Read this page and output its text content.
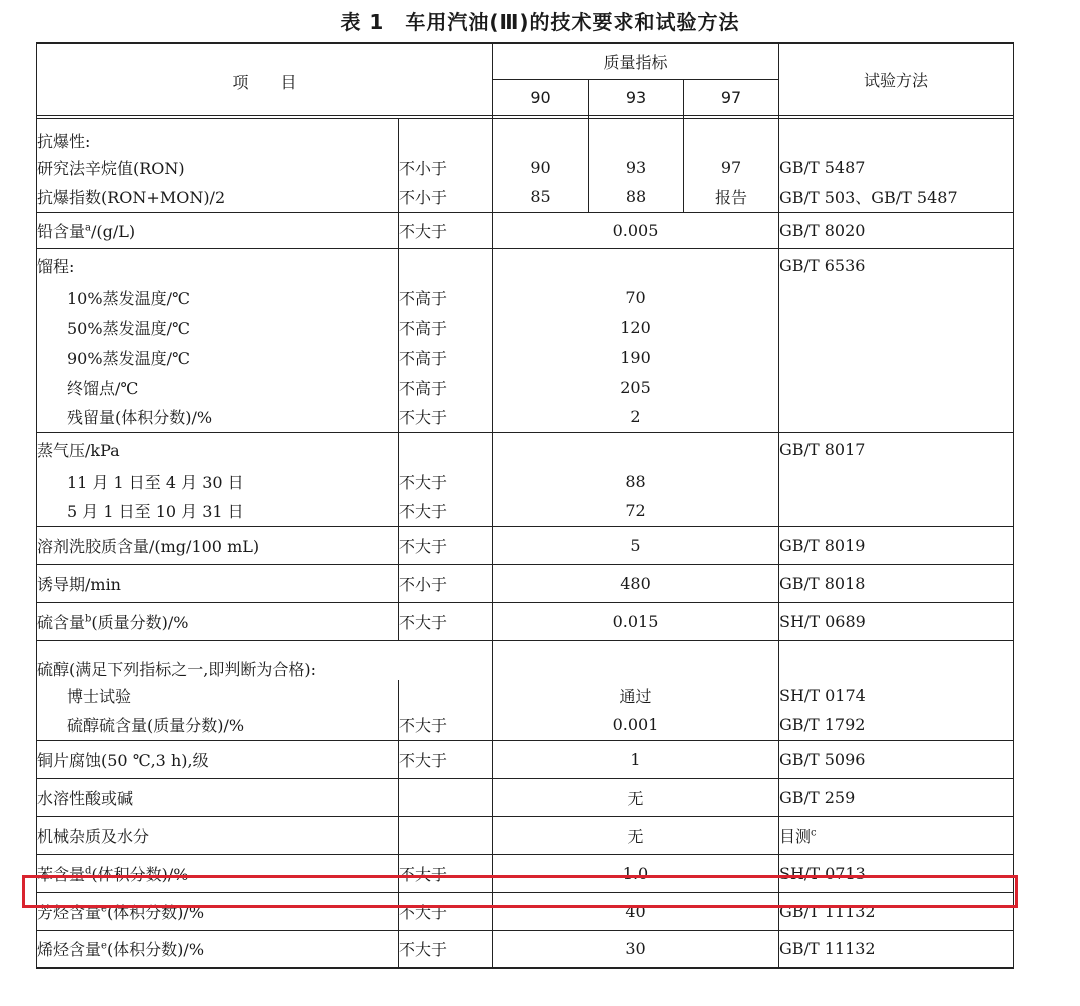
表 1　车用汽油(Ⅲ)的技术要求和试验方法
项　　目		质量指标			试验方法
		90	93	97	

抗爆性:					
研究法辛烷值(RON)	不小于	90	93	97	GB/T 5487
抗爆指数(RON+MON)/2	不小于	85	88	报告	GB/T 503、GB/T 5487
铅含量$^a$/(g/L)	不大于	0.005			GB/T 8020
馏程:					GB/T 6536
10%蒸发温度/℃	不高于	70			
50%蒸发温度/℃	不高于	120			
90%蒸发温度/℃	不高于	190			
终馏点/℃	不高于	205			
残留量(体积分数)/%	不大于	2			
蒸气压/kPa					GB/T 8017
11 月 1 日至 4 月 30 日	不大于	88			
5 月 1 日至 10 月 31 日	不大于	72			
溶剂洗胶质含量/(mg/100 mL)	不大于	5			GB/T 8019
诱导期/min	不小于	480			GB/T 8018
硫含量$^b$(质量分数)/%	不大于	0.015			SH/T 0689
硫醇(满足下列指标之一,即判断为合格):					
博士试验		通过			SH/T 0174
硫醇硫含量(质量分数)/%	不大于	0.001			GB/T 1792
铜片腐蚀(50 ℃,3 h),级	不大于	1			GB/T 5096
水溶性酸或碱		无			GB/T 259
机械杂质及水分		无			目测$^c$
苯含量$^d$(体积分数)/%	不大于	1.0			SH/T 0713
芳烃含量$^e$(体积分数)/%	不大于	40			GB/T 11132
烯烃含量$^e$(体积分数)/%	不大于	30			GB/T 11132
